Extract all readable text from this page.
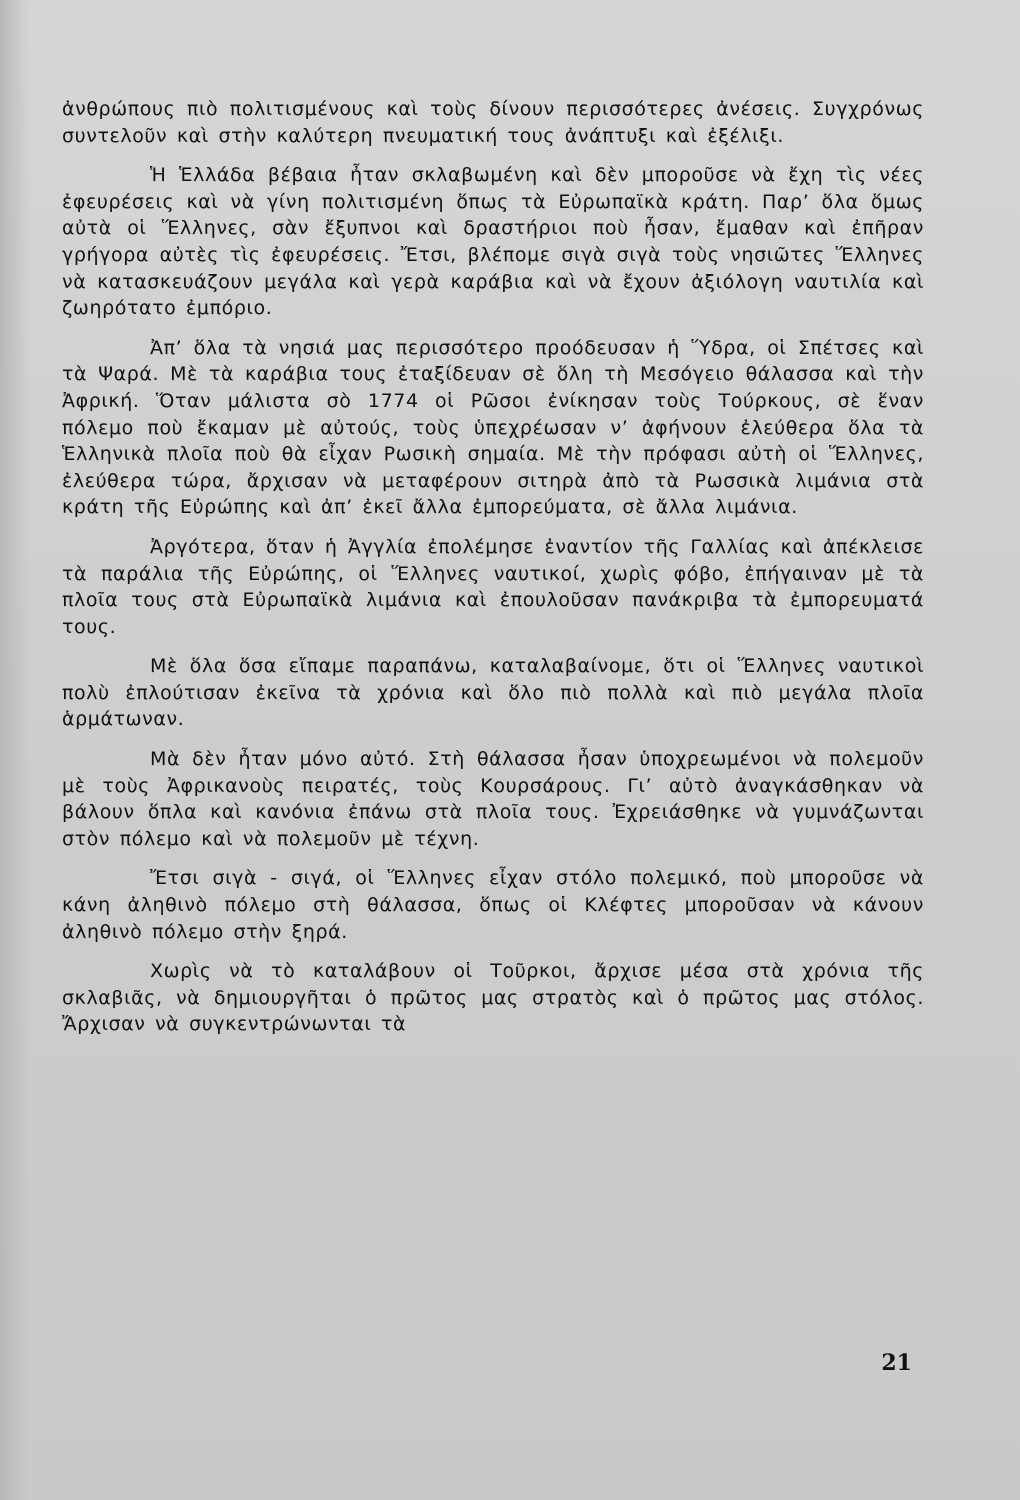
ἀνθρώπους πιὸ πολιτισμένους καὶ τοὺς δίνουν περισσότερες ἀνέσεις. Συγχρόνως συντελοῦν καὶ στὴν καλύτερη πνευματική τους ἀνάπτυξι καὶ ἐξέλιξι.

Ἡ Ἑλλάδα βέβαια ἦταν σκλαβωμένη καὶ δὲν μποροῦσε νὰ ἔχη τὶς νέες ἐφευρέσεις καὶ νὰ γίνη πολιτισμένη ὅπως τὰ Εὐρωπαϊκὰ κράτη. Παρ’ ὅλα ὅμως αὐτὰ οἱ Ἕλληνες, σὰν ἔξυπνοι καὶ δραστήριοι ποὺ ἦσαν, ἔμαθαν καὶ ἐπῆραν γρήγορα αὐτὲς τὶς ἐφευρέσεις. Ἔτσι, βλέπομε σιγὰ σιγὰ τοὺς νησιῶτες Ἕλληνες νὰ κατασκευάζουν μεγάλα καὶ γερὰ καράβια καὶ νὰ ἔχουν ἀξιόλογη ναυτιλία καὶ ζωηρότατο ἐμπόριο.

Ἀπ’ ὅλα τὰ νησιά μας περισσότερο προόδευσαν ἡ Ὕδρα, οἱ Σπέτσες καὶ τὰ Ψαρά. Μὲ τὰ καράβια τους ἐταξίδευαν σὲ ὅλη τὴ Μεσόγειο θάλασσα καὶ τὴν Ἀφρική. Ὅταν μάλιστα σὸ 1774 οἱ Ρῶσοι ἐνίκησαν τοὺς Τούρκους, σὲ ἕναν πόλεμο ποὺ ἔκαμαν μὲ αὐτούς, τοὺς ὑπεχρέωσαν ν’ ἀφήνουν ἐλεύθερα ὅλα τὰ Ἑλληνικὰ πλοῖα ποὺ θὰ εἶχαν Ρωσικὴ σημαία. Μὲ τὴν πρόφασι αὐτὴ οἱ Ἕλληνες, ἐλεύθερα τώρα, ἄρχισαν νὰ μεταφέρουν σιτηρὰ ἀπὸ τὰ Ρωσσικὰ λιμάνια στὰ κράτη τῆς Εὐρώπης καὶ ἀπ’ ἐκεῖ ἄλλα ἐμπορεύματα, σὲ ἄλλα λιμάνια.

Ἀργότερα, ὅταν ἡ Ἀγγλία ἐπολέμησε ἐναντίον τῆς Γαλλίας καὶ ἀπέκλεισε τὰ παράλια τῆς Εὐρώπης, οἱ Ἕλληνες ναυτικοί, χωρὶς φόβο, ἐπήγαιναν μὲ τὰ πλοῖα τους στὰ Εὐρωπαϊκὰ λιμάνια καὶ ἐπουλοῦσαν πανάκριβα τὰ ἐμπορευματά τους.

Μὲ ὅλα ὅσα εἴπαμε παραπάνω, καταλαβαίνομε, ὅτι οἱ Ἕλληνες ναυτικοὶ πολὺ ἐπλούτισαν ἐκεῖνα τὰ χρόνια καὶ ὅλο πιὸ πολλὰ καὶ πιὸ μεγάλα πλοῖα ἁρμάτωναν.

Μὰ δὲν ἦταν μόνο αὐτό. Στὴ θάλασσα ἦσαν ὑποχρεωμένοι νὰ πολεμοῦν μὲ τοὺς Ἀφρικανοὺς πειρατές, τοὺς Κουρσάρους. Γι’ αὐτὸ ἀναγκάσθηκαν νὰ βάλουν ὅπλα καὶ κανόνια ἐπάνω στὰ πλοῖα τους. Ἐχρειάσθηκε νὰ γυμνάζωνται στὸν πόλεμο καὶ νὰ πολεμοῦν μὲ τέχνη.

Ἔτσι σιγὰ - σιγά, οἱ Ἕλληνες εἶχαν στόλο πολεμικό, ποὺ μποροῦσε νὰ κάνη ἀληθινὸ πόλεμο στὴ θάλασσα, ὅπως οἱ Κλέφτες μποροῦσαν νὰ κάνουν ἀληθινὸ πόλεμο στὴν ξηρά.

Χωρὶς νὰ τὸ καταλάβουν οἱ Τοῦρκοι, ἄρχισε μέσα στὰ χρόνια τῆς σκλαβιᾶς, νὰ δημιουργῆται ὁ πρῶτος μας στρατὸς καὶ ὁ πρῶτος μας στόλος. Ἄρχισαν νὰ συγκεντρώνωνται τὰ

21
